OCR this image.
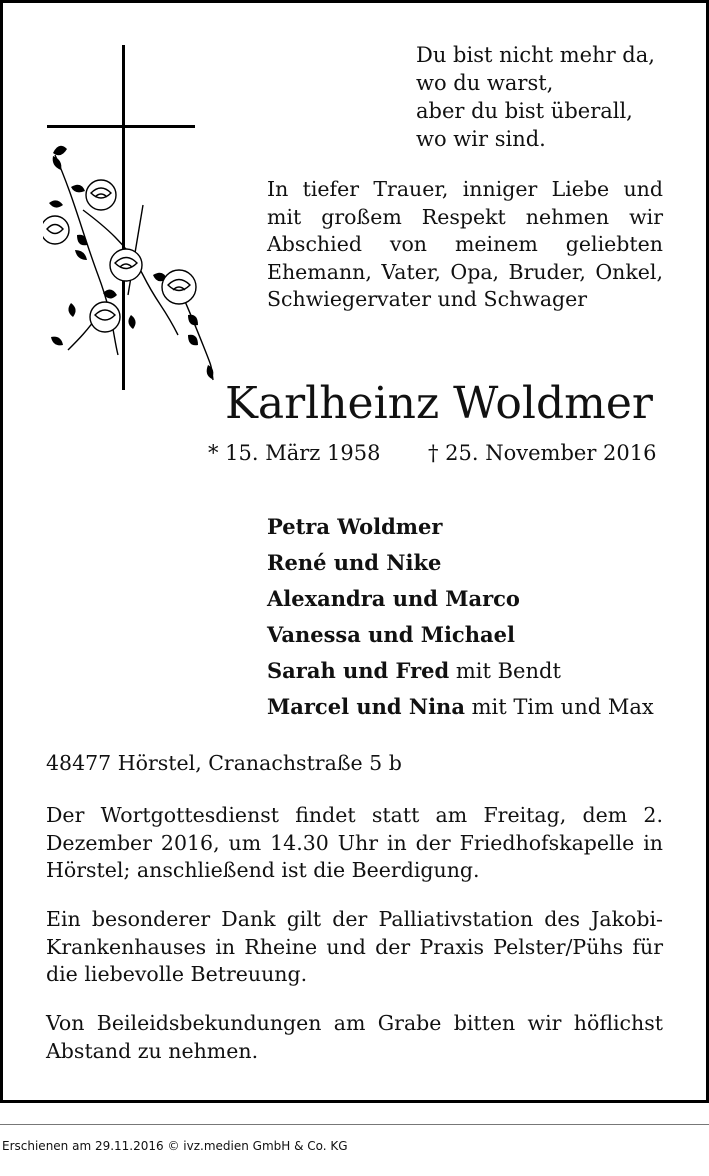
Du bist nicht mehr da,
wo du warst,
aber du bist überall,
wo wir sind.
In tiefer Trauer, inniger Liebe und mit großem Respekt nehmen wir Abschied von meinem geliebten Ehemann, Vater, Opa, Bruder, Onkel, Schwiegervater und Schwager
Karlheinz Woldmer
* 15. März 1958 † 25. November 2016
Petra Woldmer
René und Nike
Alexandra und Marco
Vanessa und Michael
Sarah und Fred mit Bendt
Marcel und Nina mit Tim und Max
48477 Hörstel, Cranachstraße 5 b
Der Wortgottesdienst findet statt am Freitag, dem 2. Dezember 2016, um 14.30 Uhr in der Friedhofskapelle in Hörstel; anschließend ist die Beerdigung.
Ein besonderer Dank gilt der Palliativstation des Jakobi-Krankenhauses in Rheine und der Praxis Pelster/Pühs für die liebevolle Betreuung.
Von Beileidsbekundungen am Grabe bitten wir höflichst Abstand zu nehmen.
Erschienen am 29.11.2016 © ivz.medien GmbH & Co. KG
